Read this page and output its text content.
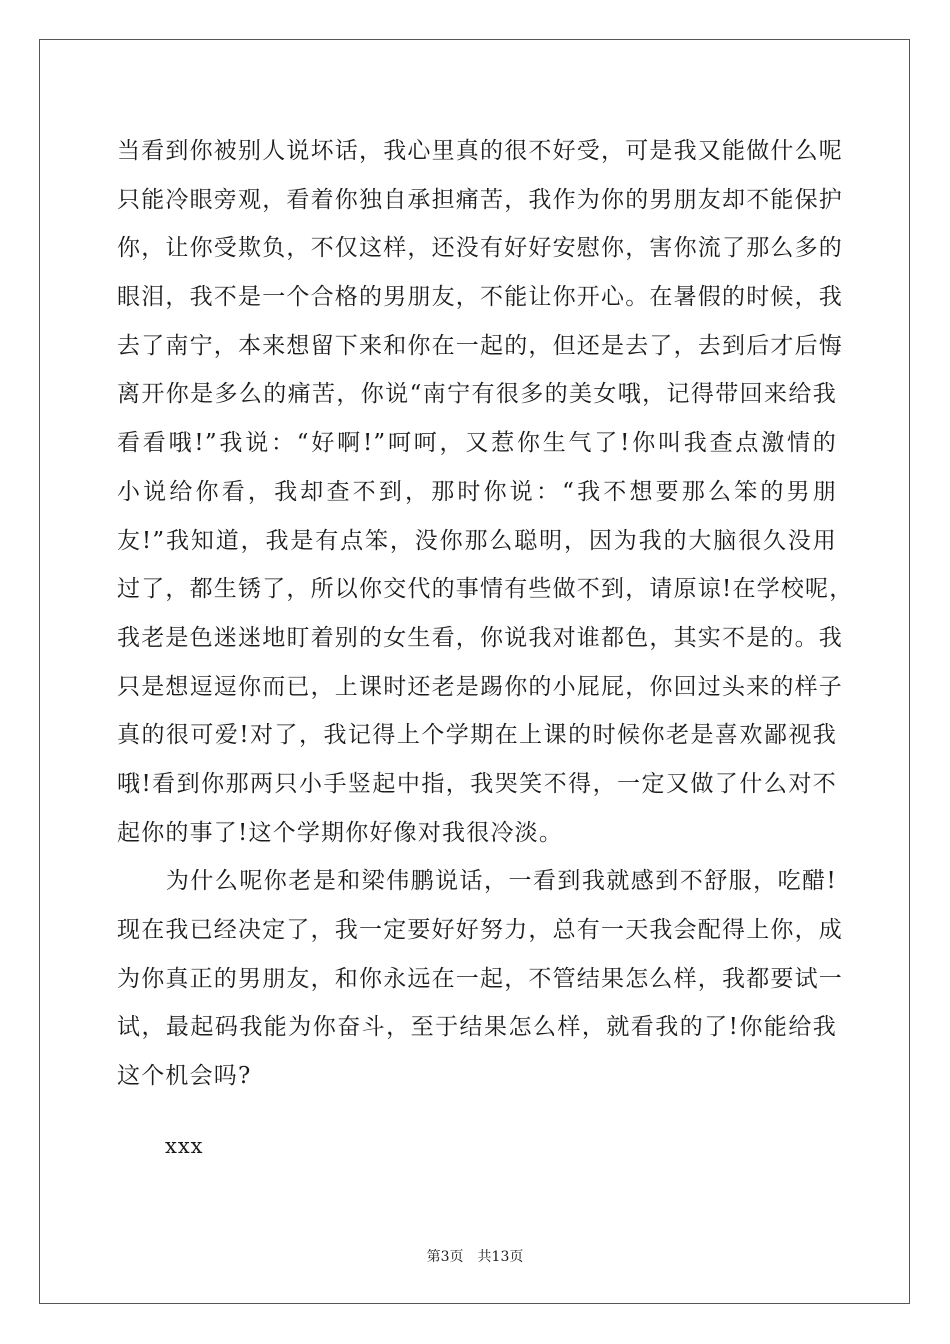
当看到你被别人说坏话，我心里真的很不好受，可是我又能做什么呢
只能冷眼旁观，看着你独自承担痛苦，我作为你的男朋友却不能保护
你，让你受欺负，不仅这样，还没有好好安慰你，害你流了那么多的
眼泪，我不是一个合格的男朋友，不能让你开心。在暑假的时候，我
去了南宁，本来想留下来和你在一起的，但还是去了，去到后才后悔
离开你是多么的痛苦，你说“南宁有很多的美女哦，记得带回来给我
看看哦!”我说：“好啊!”呵呵，又惹你生气了!你叫我查点激情的
小说给你看，我却查不到，那时你说：“我不想要那么笨的男朋
友!”我知道，我是有点笨，没你那么聪明，因为我的大脑很久没用
过了，都生锈了，所以你交代的事情有些做不到，请原谅!在学校呢，
我老是色迷迷地盯着别的女生看，你说我对谁都色，其实不是的。我
只是想逗逗你而已，上课时还老是踢你的小屁屁，你回过头来的样子
真的很可爱!对了，我记得上个学期在上课的时候你老是喜欢鄙视我
哦!看到你那两只小手竖起中指，我哭笑不得，一定又做了什么对不
起你的事了!这个学期你好像对我很冷淡。
　　为什么呢你老是和梁伟鹏说话，一看到我就感到不舒服，吃醋!
现在我已经决定了，我一定要好好努力，总有一天我会配得上你，成
为你真正的男朋友，和你永远在一起，不管结果怎么样，我都要试一
试，最起码我能为你奋斗，至于结果怎么样，就看我的了!你能给我
这个机会吗?
xxx
第3页 共13页
